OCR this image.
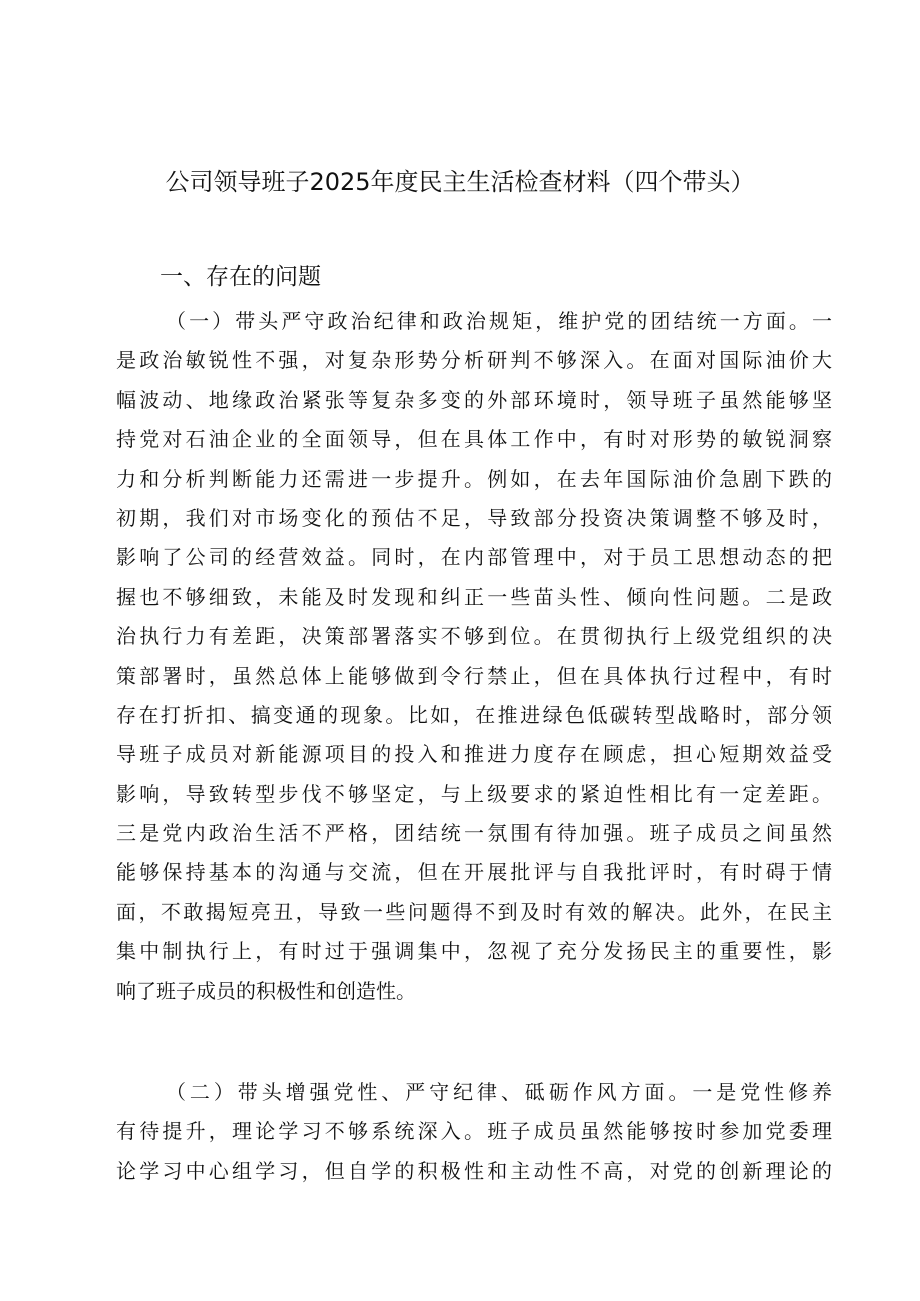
公司领导班子2025年度民主生活检查材料（四个带头）
一、存在的问题
（一）带头严守政治纪律和政治规矩，维护党的团结统一方面。一
是政治敏锐性不强，对复杂形势分析研判不够深入。在面对国际油价大
幅波动、地缘政治紧张等复杂多变的外部环境时，领导班子虽然能够坚
持党对石油企业的全面领导，但在具体工作中，有时对形势的敏锐洞察
力和分析判断能力还需进一步提升。例如，在去年国际油价急剧下跌的
初期，我们对市场变化的预估不足，导致部分投资决策调整不够及时，
影响了公司的经营效益。同时，在内部管理中，对于员工思想动态的把
握也不够细致，未能及时发现和纠正一些苗头性、倾向性问题。二是政
治执行力有差距，决策部署落实不够到位。在贯彻执行上级党组织的决
策部署时，虽然总体上能够做到令行禁止，但在具体执行过程中，有时
存在打折扣、搞变通的现象。比如，在推进绿色低碳转型战略时，部分领
导班子成员对新能源项目的投入和推进力度存在顾虑，担心短期效益受
影响，导致转型步伐不够坚定，与上级要求的紧迫性相比有一定差距。
三是党内政治生活不严格，团结统一氛围有待加强。班子成员之间虽然
能够保持基本的沟通与交流，但在开展批评与自我批评时，有时碍于情
面，不敢揭短亮丑，导致一些问题得不到及时有效的解决。此外，在民主
集中制执行上，有时过于强调集中，忽视了充分发扬民主的重要性，影
响了班子成员的积极性和创造性。
（二）带头增强党性、严守纪律、砥砺作风方面。一是党性修养
有待提升，理论学习不够系统深入。班子成员虽然能够按时参加党委理
论学习中心组学习，但自学的积极性和主动性不高，对党的创新理论的
